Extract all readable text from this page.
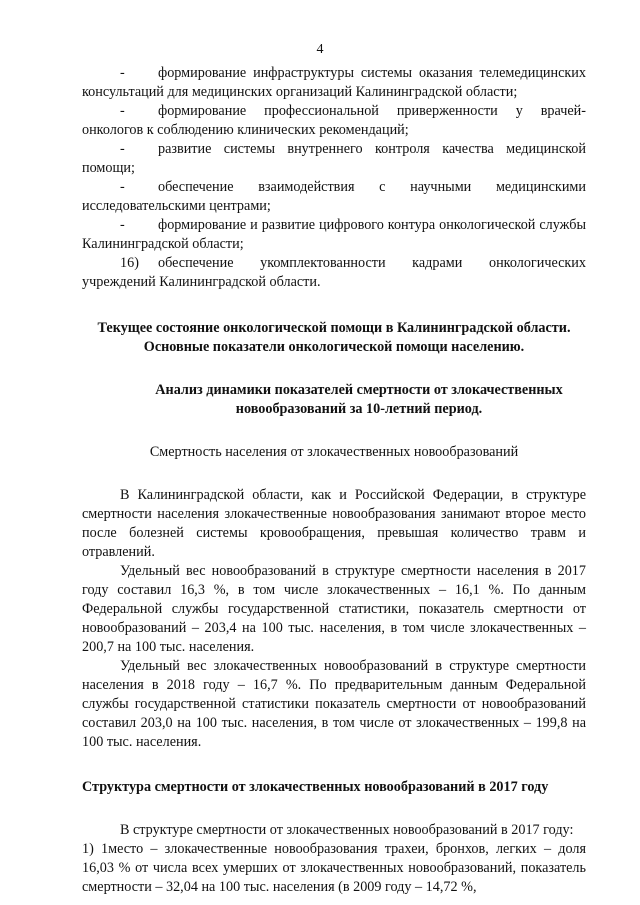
4

- формирование инфраструктуры системы оказания телемедицинских консультаций для медицинских организаций Калининградской области;

- формирование профессиональной приверженности у врачей-онкологов к соблюдению клинических рекомендаций;

- развитие системы внутреннего контроля качества медицинской помощи;

- обеспечение взаимодействия с научными медицинскими исследовательскими центрами;

- формирование и развитие цифрового контура онкологической службы Калининградской области;

16) обеспечение укомплектованности кадрами онкологических учреждений Калининградской области.

Текущее состояние онкологической помощи в Калининградской области. Основные показатели онкологической помощи населению.

Анализ динамики показателей смертности от злокачественных новообразований за 10-летний период.

Смертность населения от злокачественных новообразований

В Калининградской области, как и Российской Федерации, в структуре смертности населения злокачественные новообразования занимают второе место после болезней системы кровообращения, превышая количество травм и отравлений.

Удельный вес новообразований в структуре смертности населения в 2017 году составил 16,3 %, в том числе злокачественных – 16,1 %. По данным Федеральной службы государственной статистики, показатель смертности от новообразований – 203,4 на 100 тыс. населения, в том числе злокачественных – 200,7 на 100 тыс. населения.

Удельный вес злокачественных новообразований в структуре смертности населения в 2018 году – 16,7 %. По предварительным данным Федеральной службы государственной статистики показатель смертности от новообразований составил 203,0 на 100 тыс. населения, в том числе от злокачественных – 199,8 на 100 тыс. населения.

Структура смертности от злокачественных новообразований в 2017 году

В структуре смертности от злокачественных новообразований в 2017 году:

1) 1место – злокачественные новообразования трахеи, бронхов, легких – доля 16,03 % от числа всех умерших от злокачественных новообразований, показатель смертности – 32,04 на 100 тыс. населения (в 2009 году – 14,72 %,
